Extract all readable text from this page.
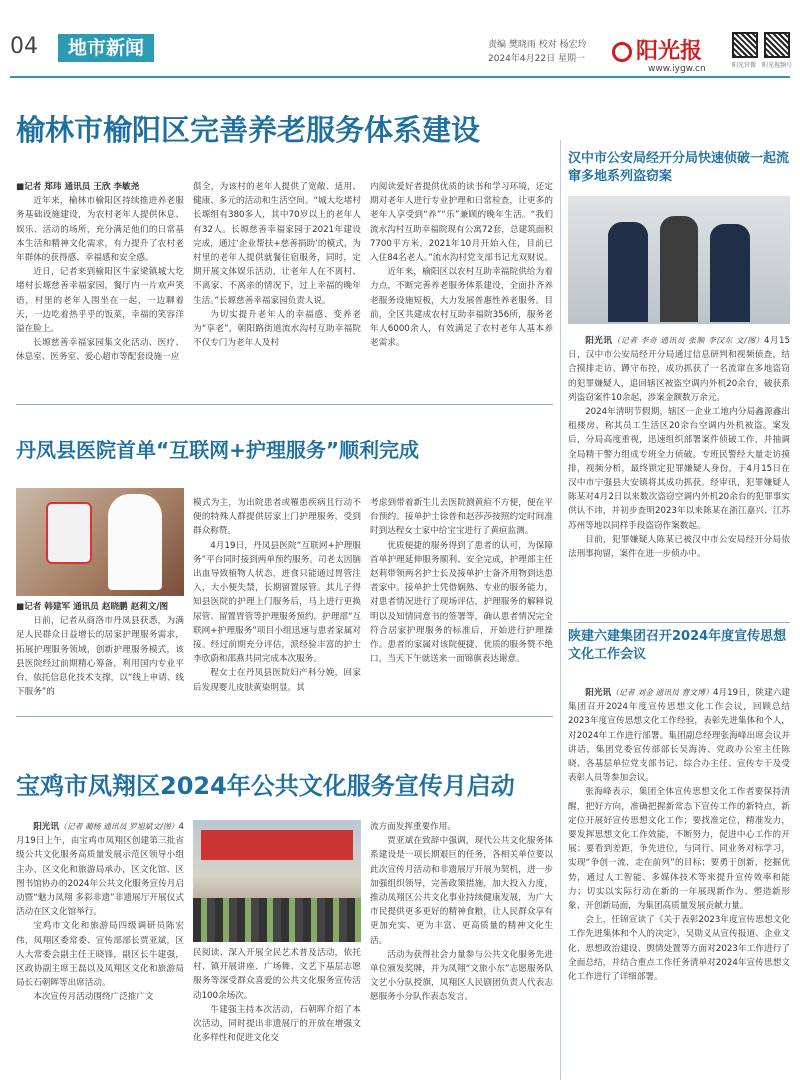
04	地市新闻	责编 樊晓雨 校对 杨宏玲
2024年4月22日 星期一	阳光报
www.iygw.cn	阳光官微 阳光视频号
榆林市榆阳区完善养老服务体系建设

■记者 郑玮 通讯员 王欣 李敏尧

近年来，榆林市榆阳区持续推进养老服务基础设施建设，为农村老年人提供休息、娱乐、活动的场所，充分满足他们的日常基本生活和精神文化需求，有力提升了农村老年群体的获得感、幸福感和安全感。

近日，记者来到榆阳区牛家梁镇城大圪堵村长塬慈善幸福家园，餐厅内一片欢声笑语，村里的老年人围坐在一起，一边聊着天，一边吃着热乎乎的饭菜，幸福的笑容洋溢在脸上。

长塬慈善幸福家园集文化活动、医疗、休息室、医务室、爱心超市等配套设施一应

俱全，为该村的老年人提供了宽敞、适用、健康、多元的活动和生活空间。“城大圪堵村长塬组有380多人，其中70岁以上的老年人有32人。长塬慈善幸福家园于2021年建设完成，通过‘企业帮扶+慈善捐助’的模式，为村里的老年人提供就餐住宿服务，同时，定期开展文体娱乐活动，让老年人在不离村、不离家、不离亲的情况下，过上幸福的晚年生活。”长塬慈善幸福家园负责人说。

为切实提升老年人的幸福感、变养老为“享老”，朝阳路街道流水沟村互助幸福院不仅专门为老年人及村

内阅读爱好者提供优质的读书和学习环境，还定期对老年人进行专业护理和日常检查，让更多的老年人享受到“养”“乐”兼顾的晚年生活。“我们流水沟村互助幸福院现有公寓72套，总建筑面积7700平方米，2021年10月开始入住，目前已入住84名老人。”流水沟村党支部书记尤双财说。

近年来，榆阳区以农村互助幸福院供给为着力点，不断完善养老服务体系建设，全面扑齐养老服务设施短板，大力发展普惠性养老服务。目前，全区共建成农村互助幸福院356所，服务老年人6000余人，有效满足了农村老年人基本养老需求。

丹凤县医院首单“互联网+护理服务”顺利完成

■记者 韩建军 通讯员 赵晓鹏 赵莉文/图

日前，记者从商洛市丹凤县获悉，为满足人民群众日益增长的居家护理服务需求，拓展护理服务领域，创新护理服务模式，该县医院经过前期精心筹备，利用国内专业平台，依托信息化技术支撑，以“线上申请、线下服务”的

模式为主，为出院患者或罹患疾病且行动不便的特殊人群提供居家上门护理服务，受到群众称赞。

4月19日，丹凤县医院“互联网+护理服务”平台同时接到两单预约服务。司老太因脑出血导致植物人状态，进食只能通过胃管注入，大小便失禁，长期留置尿管。其儿子得知县医院的护理上门服务后，马上进行更换尿管、留置胃管等护理服务预约，护理部“互联网+护理服务”项目小组迅速与患者家属对接。经过前期充分评估，派经验丰富的护士李欣蔚和邵燕共同完成本次服务。

程女士在丹凤县医院妇产科分娩，回家后发现婴儿皮肤黄染明显。其

考虑到带着新生儿去医院测黄疸不方便，便在平台预约。接单护士徐普和赵莎莎按照约定时间准时到达程女士家中给宝宝进行了黄疸监测。

优质便捷的服务得到了患者的认可，为保障首单护理延伸服务顺利、安全完成，护理部主任赵莉带领两名护士长及接单护士备齐用物到达患者家中。接单护士凭借娴熟、专业的服务能力，对患者情况进行了现场评估，护理服务的解释说明以及知情同意书的签署等，确认患者情况完全符合居家护理服务的标准后，开始进行护理操作。患者的家属对该院便捷、优质的服务赞不绝口，当天下午就送来一面锦旗表达谢意。

宝鸡市凤翔区2024年公共文化服务宣传月启动

阳光讯（记者 蔺杨 通讯员 罗旭斌文/图）4月19日上午，由宝鸡市凤翔区创建第三批省级公共文化服务高质量发展示范区领导小组主办，区文化和旅游局承办，区文化馆、区图书馆协办的2024年公共文化服务宣传月启动暨“魅力凤翔 多彩非遗”非遗展厅开展仪式活动在区文化馆举行。

宝鸡市文化和旅游局四级调研员陈宏伟，凤翔区委常委、宣传部部长贾亚斌，区人大常委会副主任王晓锋，副区长牛建强，区政协副主席王磊以及凤翔区文化和旅游局局长石朝晖等出席活动。

本次宣传月活动围绕广泛推广文

民阅读、深入开展全民艺术普及活动，依托村、镇开展讲座、广场舞、文艺下基层志愿服务等深受群众喜爱的公共文化服务宣传活动100余场次。

牛建强主持本次活动，石朝晖介绍了本次活动，同时提出非遗展厅的开放在增强文化多样性和促进文化交

流方面发挥重要作用。

贾亚斌在致辞中强调，现代公共文化服务体系建设是一项长期艰巨的任务，各相关单位要以此次宣传月活动和非遗展厅开展为契机，进一步加强组织领导，完善政策措施，加大投入力度，推动凤翔区公共文化事业持续健康发展，为广大市民提供更多更好的精神食粮，让人民群众享有更加充实、更为丰富、更高质量的精神文化生活。

活动为获得社会力量参与公共文化服务先进单位颁发奖牌，并为凤翔“文旅小东”志愿服务队文艺小分队授旗，凤翔区人民剧团负责人代表志愿服务小分队作表态发言。

汉中市公安局经开分局快速侦破一起流窜多地系列盗窃案

阳光讯（记者 李奇 通讯员 张顺 李汉东 文/图）4月15日，汉中市公安局经开分局通过信息研判和视频侦查，结合摸排走访、蹲守布控，成功抓获了一名流窜在多地盗窃的犯罪嫌疑人，追回辖区被盗空调内外机20余台，破获系列盗窃案件10余起，涉案金额数万余元。

2024年清明节假期，辖区一企业工地内分局鑫源鑫出租楼房、称其员工生活区20余台空调内外机被盗。案发后，分局高度重视，迅速组织部署案件侦破工作，并抽调全局精干警力组成专班全力侦破。专班民警经大量走访摸排，视频分析，最终锁定犯罪嫌疑人身份，于4月15日在汉中市宁强县大安镇将其成功抓获。经审讯，犯罪嫌疑人陈某对4月2日以来数次盗窃空调内外机20余台的犯罪事实供认不讳，并初步查明2023年以来陈某在浙江嘉兴、江苏苏州等地以同样手段盗窃作案数起。

目前，犯罪嫌疑人陈某已被汉中市公安局经开分局依法刑事拘留，案件在进一步侦办中。

陕建六建集团召开2024年度宣传思想文化工作会议

阳光讯（记者 刘金 通讯员 曹文博）4月19日，陕建六建集团召开2024年度宣传思想文化工作会议，回顾总结2023年度宣传思想文化工作经验，表彰先进集体和个人，对2024年工作进行部署。集团副总经理张海峰出席会议并讲话，集团党委宣传部部长吴海涛、党政办公室主任陈晓、各基层单位党支部书记、综合办主任、宣传专干及受表彰人员等参加会议。

张海峰表示，集团全体宣传思想文化工作者要保持清醒，把好方向，准确把握新常态下宣传工作的新特点，新定位开展好宣传思想文化工作；要找准定位，精准发力，要发挥思想文化工作效能，不断努力，促进中心工作的开展；要看到差距，争先进位，与同行、同业务对标学习，实现“争创一流、走在前列”的目标；要勇于创新，挖掘优势，通过人工智能、多媒体技术等来提升宣传效率和能力；切实以实际行动在新的一年展现新作为、塑造新形象、开创新局面，为集团高质量发展贡献力量。

会上，任锦宣读了《关于表彰2023年度宣传思想文化工作先进集体和个人的决定》，吴勋义从宣传报道、企业文化、思想政治建设、舆情处置等方面对2023年工作进行了全面总结，并结合重点工作任务清单对2024年宣传思想文化工作进行了详细部署。
